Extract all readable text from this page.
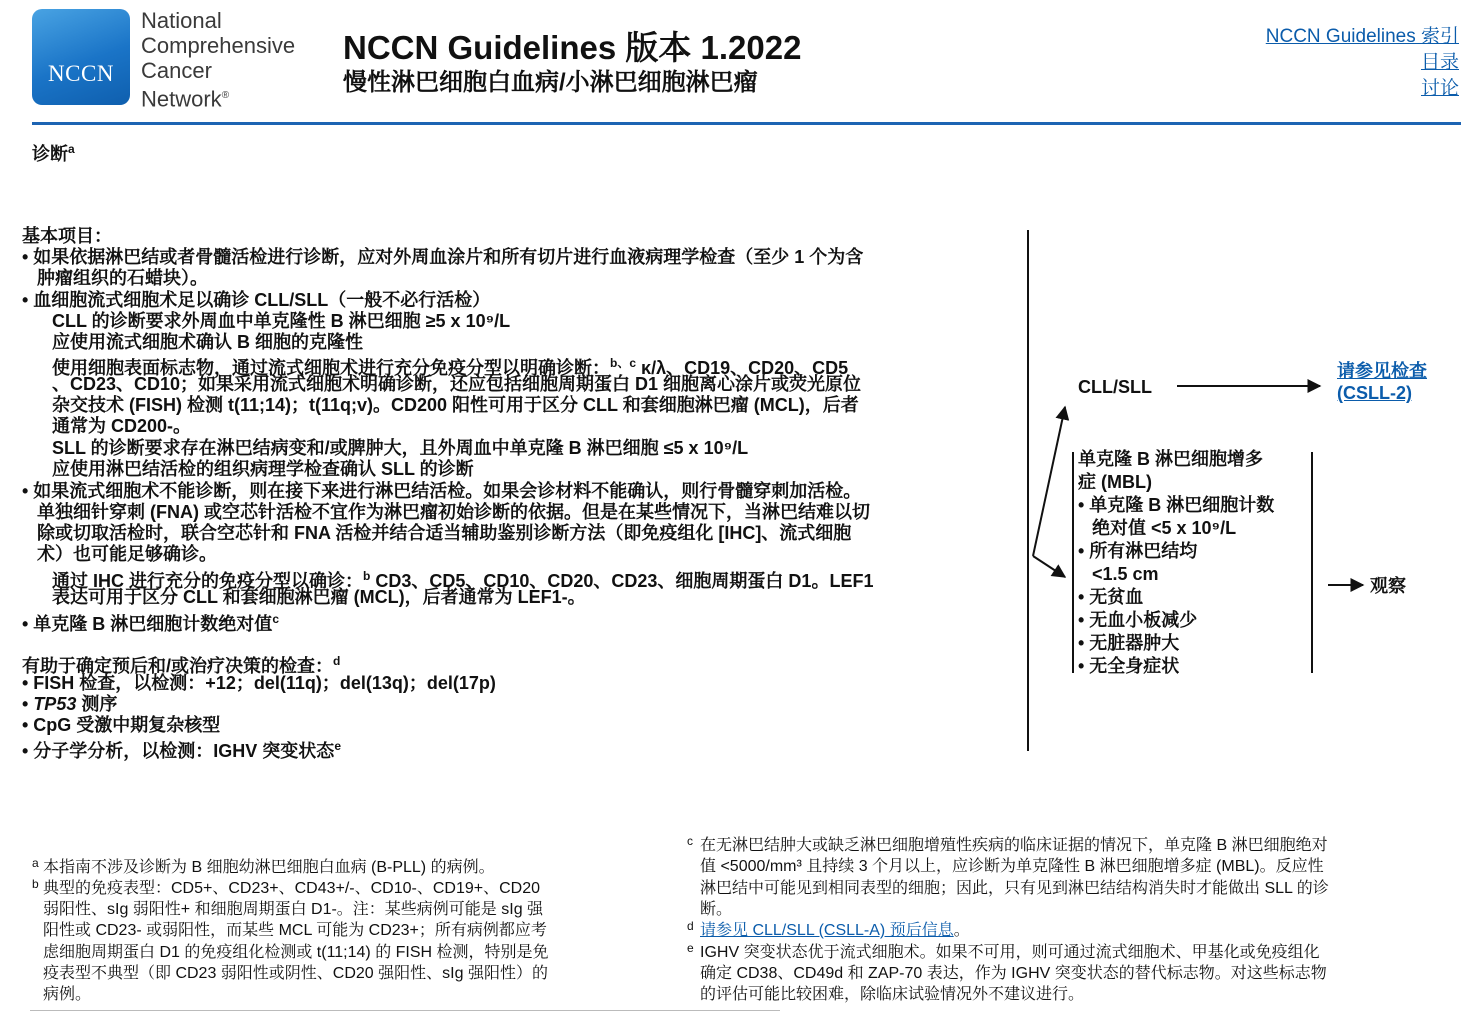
NCCN
National
Comprehensive
Cancer
Network®
NCCN Guidelines 版本 1.2022
慢性淋巴细胞白血病/小淋巴细胞淋巴瘤
NCCN Guidelines 索引
目录
讨论
诊断$^a$
基本项目：
• 如果依据淋巴结或者骨髓活检进行诊断，应对外周血涂片和所有切片进行血液病理学检查（至少 1 个为含
肿瘤组织的石蜡块）。
• 血细胞流式细胞术足以确诊 CLL/SLL（一般不必行活检）
CLL 的诊断要求外周血中单克隆性 B 淋巴细胞 ≥5 x 10⁹/L
应使用流式细胞术确认 B 细胞的克隆性
使用细胞表面标志物，通过流式细胞术进行充分免疫分型以明确诊断：$^{b、c}$ κ/λ、CD19、CD20、CD5
、CD23、CD10；如果采用流式细胞术明确诊断，还应包括细胞周期蛋白 D1 细胞离心涂片或荧光原位
杂交技术 (FISH) 检测 t(11;14)；t(11q;v)。CD200 阳性可用于区分 CLL 和套细胞淋巴瘤 (MCL)，后者
通常为 CD200-。
SLL 的诊断要求存在淋巴结病变和/或脾肿大，且外周血中单克隆 B 淋巴细胞 ≤5 x 10⁹/L
应使用淋巴结活检的组织病理学检查确认 SLL 的诊断
• 如果流式细胞术不能诊断，则在接下来进行淋巴结活检。如果会诊材料不能确认，则行骨髓穿刺加活检。
单独细针穿刺 (FNA) 或空芯针活检不宜作为淋巴瘤初始诊断的依据。但是在某些情况下，当淋巴结难以切
除或切取活检时，联合空芯针和 FNA 活检并结合适当辅助鉴别诊断方法（即免疫组化 [IHC]、流式细胞
术）也可能足够确诊。
通过 IHC 进行充分的免疫分型以确诊：$^b$ CD3、CD5、CD10、CD20、CD23、细胞周期蛋白 D1。LEF1
表达可用于区分 CLL 和套细胞淋巴瘤 (MCL)，后者通常为 LEF1-。
• 单克隆 B 淋巴细胞计数绝对值$^c$
有助于确定预后和/或治疗决策的检查：$^d$
• FISH 检查，以检测：+12；del(11q)；del(13q)；del(17p)
• TP53 测序
• CpG 受激中期复杂核型
• 分子学分析，以检测：IGHV 突变状态$^e$
CLL/SLL
请参见检查
(CSLL-2)
单克隆 B 淋巴细胞增多
症 (MBL)
• 单克隆 B 淋巴细胞计数
绝对值 <5 x 10⁹/L
• 所有淋巴结均
<1.5 cm
• 无贫血
• 无血小板减少
• 无脏器肿大
• 无全身症状
观察
a 本指南不涉及诊断为 B 细胞幼淋巴细胞白血病 (B-PLL) 的病例。
b 典型的免疫表型：CD5+、CD23+、CD43+/-、CD10-、CD19+、CD20
弱阳性、sIg 弱阳性+ 和细胞周期蛋白 D1-。注：某些病例可能是 sIg 强
阳性或 CD23- 或弱阳性，而某些 MCL 可能为 CD23+；所有病例都应考
虑细胞周期蛋白 D1 的免疫组化检测或 t(11;14) 的 FISH 检测，特别是免
疫表型不典型（即 CD23 弱阳性或阴性、CD20 强阳性、sIg 强阳性）的
病例。
c 在无淋巴结肿大或缺乏淋巴细胞增殖性疾病的临床证据的情况下，单克隆 B 淋巴细胞绝对
值 <5000/mm³ 且持续 3 个月以上，应诊断为单克隆性 B 淋巴细胞增多症 (MBL)。反应性
淋巴结中可能见到相同表型的细胞；因此，只有见到淋巴结结构消失时才能做出 SLL 的诊
断。
d 请参见 CLL/SLL (CSLL-A) 预后信息。
e IGHV 突变状态优于流式细胞术。如果不可用，则可通过流式细胞术、甲基化或免疫组化
确定 CD38、CD49d 和 ZAP-70 表达，作为 IGHV 突变状态的替代标志物。对这些标志物
的评估可能比较困难，除临床试验情况外不建议进行。
